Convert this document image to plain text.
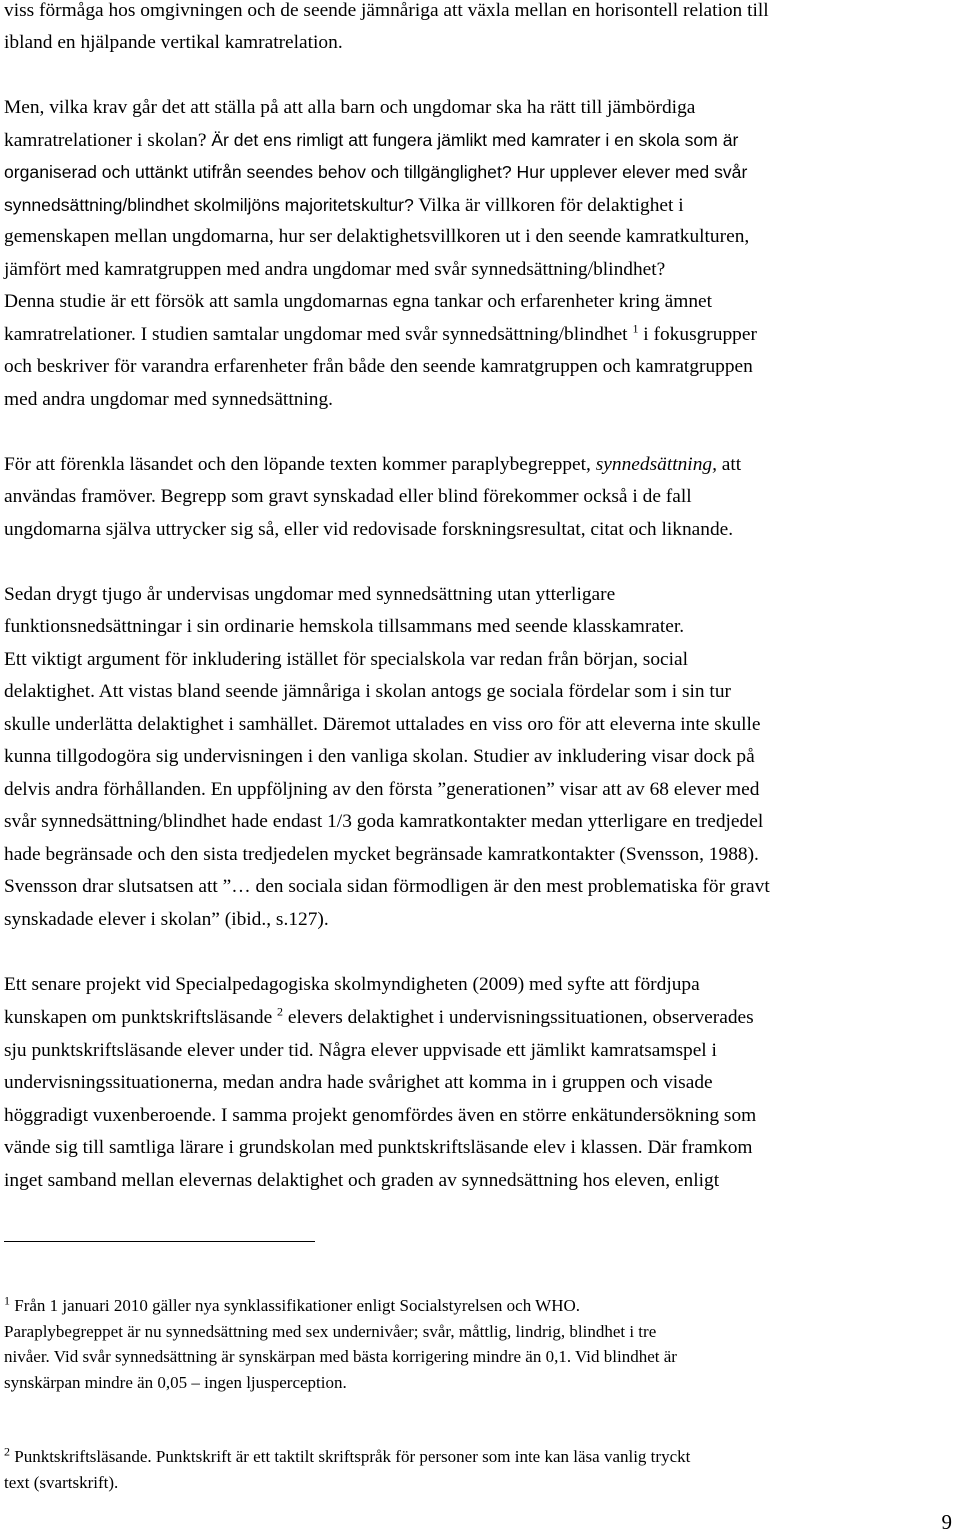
viss förmåga hos omgivningen och de seende jämnåriga att växla mellan en horisontell relation till
ibland en hjälpande vertikal kamratrelation.
Men, vilka krav går det att ställa på att alla barn och ungdomar ska ha rätt till jämbördiga
kamratrelationer i skolan? Är det ens rimligt att fungera jämlikt med kamrater i en skola som är
organiserad och uttänkt utifrån seendes behov och tillgänglighet? Hur upplever elever med svår
synnedsättning/blindhet skolmiljöns majoritetskultur? Vilka är villkoren för delaktighet i
gemenskapen mellan ungdomarna, hur ser delaktighetsvillkoren ut i den seende kamratkulturen,
jämfört med kamratgruppen med andra ungdomar med svår synnedsättning/blindhet?
Denna studie är ett försök att samla ungdomarnas egna tankar och erfarenheter kring ämnet
kamratrelationer. I studien samtalar ungdomar med svår synnedsättning/blindhet $^1$ i fokusgrupper
och beskriver för varandra erfarenheter från både den seende kamratgruppen och kamratgruppen
med andra ungdomar med synnedsättning.
För att förenkla läsandet och den löpande texten kommer paraplybegreppet, synnedsättning, att
användas framöver. Begrepp som gravt synskadad eller blind förekommer också i de fall
ungdomarna själva uttrycker sig så, eller vid redovisade forskningsresultat, citat och liknande.
Sedan drygt tjugo år undervisas ungdomar med synnedsättning utan ytterligare
funktionsnedsättningar i sin ordinarie hemskola tillsammans med seende klasskamrater.
Ett viktigt argument för inkludering istället för specialskola var redan från början, social
delaktighet. Att vistas bland seende jämnåriga i skolan antogs ge sociala fördelar som i sin tur
skulle underlätta delaktighet i samhället. Däremot uttalades en viss oro för att eleverna inte skulle
kunna tillgodogöra sig undervisningen i den vanliga skolan. Studier av inkludering visar dock på
delvis andra förhållanden. En uppföljning av den första ”generationen” visar att av 68 elever med
svår synnedsättning/blindhet hade endast 1/3 goda kamratkontakter medan ytterligare en tredjedel
hade begränsade och den sista tredjedelen mycket begränsade kamratkontakter (Svensson, 1988).
Svensson drar slutsatsen att ”… den sociala sidan förmodligen är den mest problematiska för gravt
synskadade elever i skolan” (ibid., s.127).
Ett senare projekt vid Specialpedagogiska skolmyndigheten (2009) med syfte att fördjupa
kunskapen om punktskriftsläsande $^2$ elevers delaktighet i undervisningssituationen, observerades
sju punktskriftsläsande elever under tid. Några elever uppvisade ett jämlikt kamratsamspel i
undervisningssituationerna, medan andra hade svårighet att komma in i gruppen och visade
höggradigt vuxenberoende. I samma projekt genomfördes även en större enkätundersökning som
vände sig till samtliga lärare i grundskolan med punktskriftsläsande elev i klassen. Där framkom
inget samband mellan elevernas delaktighet och graden av synnedsättning hos eleven, enligt
$^1$ Från 1 januari 2010 gäller nya synklassifikationer enligt Socialstyrelsen och WHO.
Paraplybegreppet är nu synnedsättning med sex undernivåer; svår, måttlig, lindrig, blindhet i tre
nivåer. Vid svår synnedsättning är synskärpan med bästa korrigering mindre än 0,1. Vid blindhet är
synskärpan mindre än 0,05 – ingen ljusperception.
$^2$ Punktskriftsläsande. Punktskrift är ett taktilt skriftspråk för personer som inte kan läsa vanlig tryckt
text (svartskrift).
9
